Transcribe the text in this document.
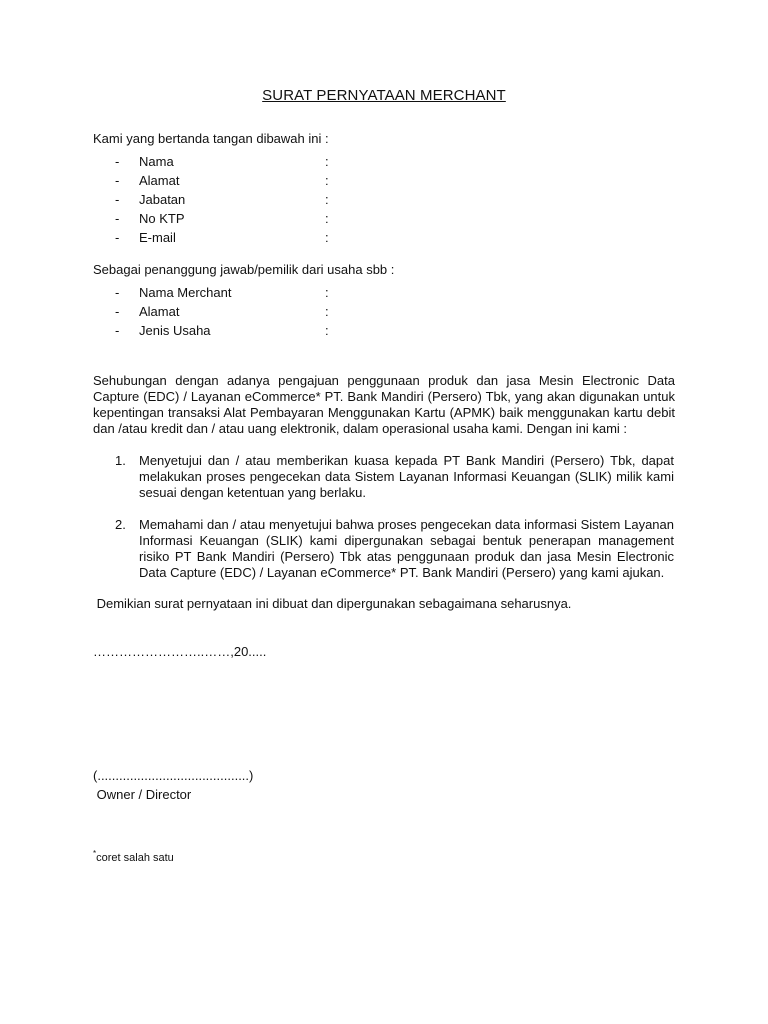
SURAT PERNYATAAN MERCHANT
Kami yang bertanda tangan dibawah ini :
- Nama	:
- Alamat	:
- Jabatan	:
- No KTP	:
- E-mail	:
Sebagai penanggung jawab/pemilik dari usaha sbb :
- Nama Merchant	:
- Alamat	:
- Jenis Usaha	:
Sehubungan dengan adanya pengajuan penggunaan produk dan jasa Mesin Electronic Data Capture (EDC) / Layanan eCommerce* PT. Bank Mandiri (Persero) Tbk, yang akan digunakan untuk kepentingan transaksi Alat Pembayaran Menggunakan Kartu (APMK) baik menggunakan kartu debit dan /atau kredit dan / atau uang elektronik, dalam operasional usaha kami. Dengan ini kami :
1. Menyetujui dan / atau memberikan kuasa kepada PT Bank Mandiri (Persero) Tbk, dapat melakukan proses pengecekan data Sistem Layanan Informasi Keuangan (SLIK) milik kami sesuai dengan ketentuan yang berlaku.
2. Memahami dan / atau menyetujui bahwa proses pengecekan data informasi Sistem Layanan Informasi Keuangan (SLIK) kami dipergunakan sebagai bentuk penerapan management risiko PT Bank Mandiri (Persero) Tbk atas penggunaan produk dan jasa Mesin Electronic Data Capture (EDC) / Layanan eCommerce* PT. Bank Mandiri (Persero) yang kami ajukan.
Demikian surat pernyataan ini dibuat dan dipergunakan sebagaimana seharusnya.
……………………..……,20.....
(..........................................)
Owner / Director
*coret salah satu
